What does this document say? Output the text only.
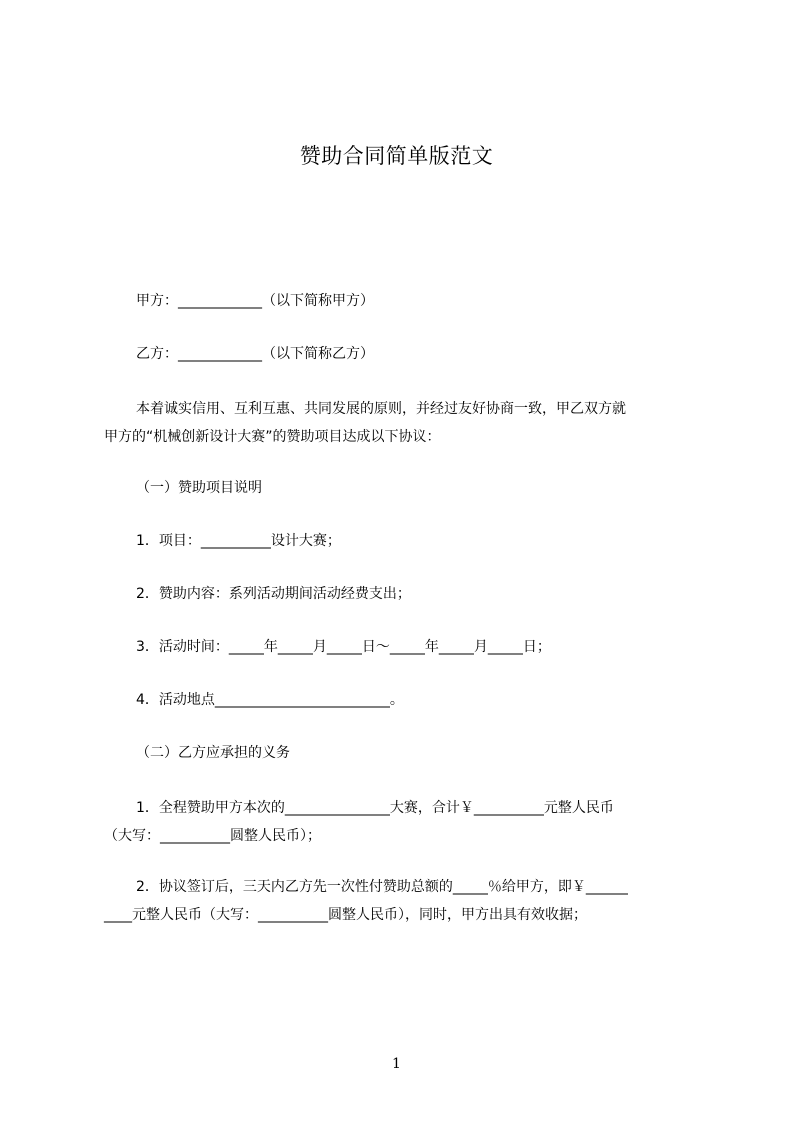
赞助合同简单版范文
甲方：____________（以下简称甲方）
乙方：____________（以下简称乙方）
本着诚实信用、互利互惠、共同发展的原则，并经过友好协商一致，甲乙双方就
甲方的“机械创新设计大赛”的赞助项目达成以下协议：
（一）赞助项目说明
1．项目：__________设计大赛；
2．赞助内容：系列活动期间活动经费支出；
3．活动时间：_____年_____月_____日～_____年_____月_____日；
4．活动地点_________________________。
（二）乙方应承担的义务
1．全程赞助甲方本次的_______________大赛，合计￥__________元整人民币
（大写：__________圆整人民币）；
2．协议签订后，三天内乙方先一次性付赞助总额的_____％给甲方，即￥______
____元整人民币（大写：__________圆整人民币），同时，甲方出具有效收据；
1
